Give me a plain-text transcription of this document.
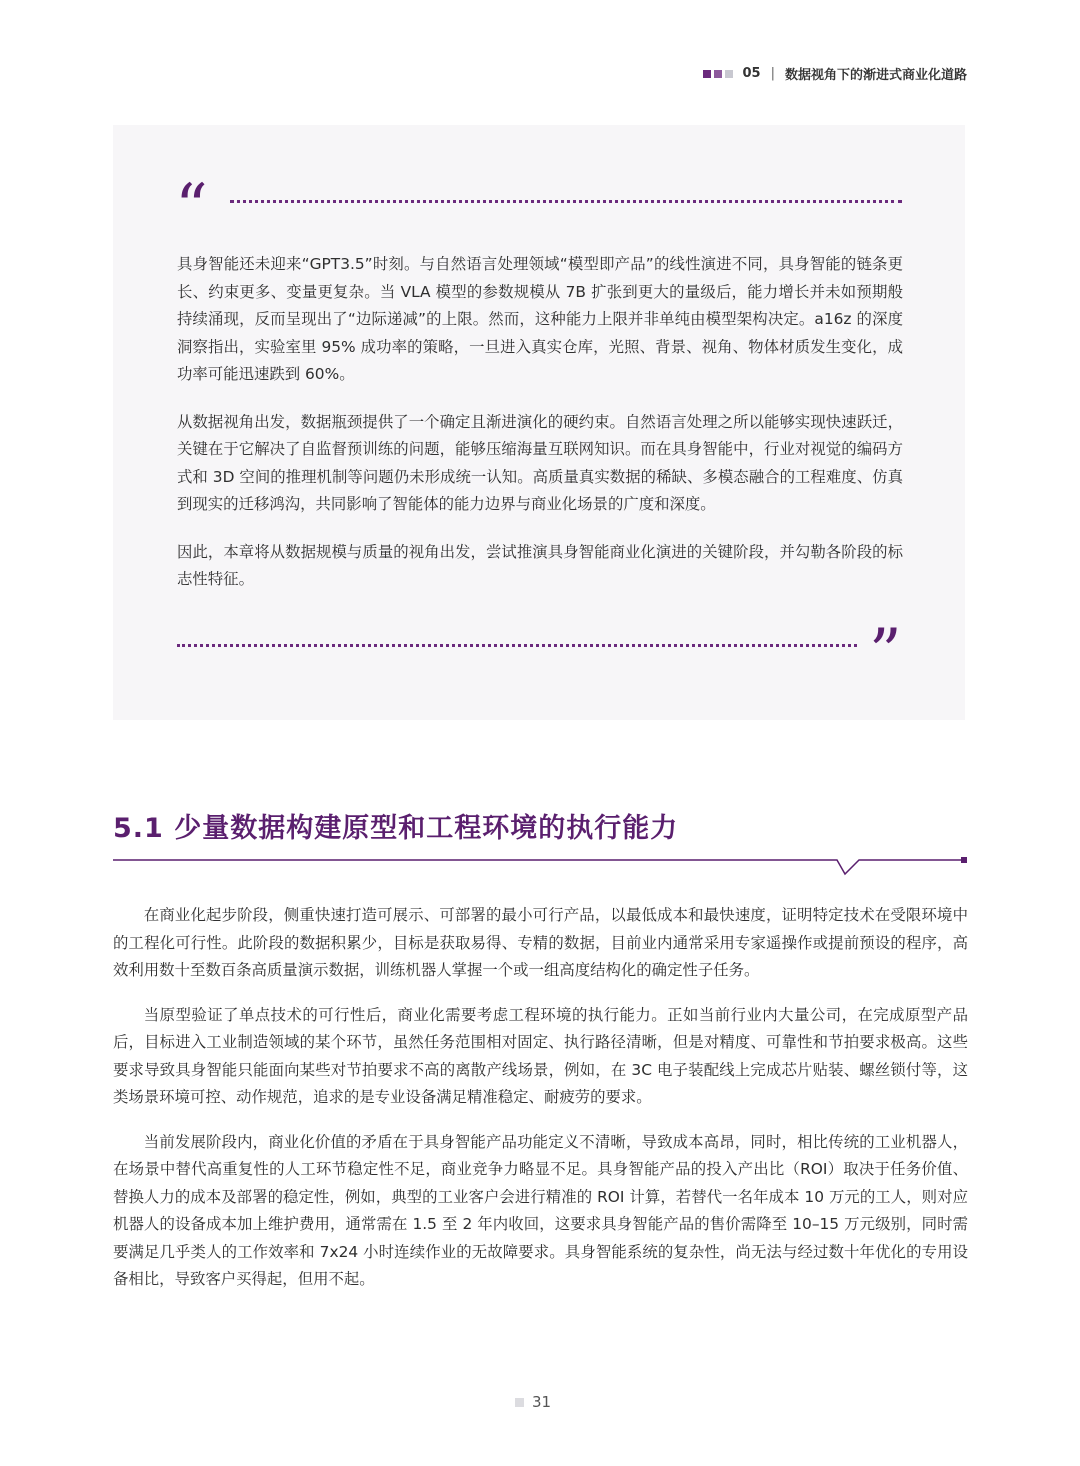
05 | 数据视角下的渐进式商业化道路
“

具身智能还未迎来“GPT3.5”时刻。与自然语言处理领域“模型即产品”的线性演进不同，具身智能的链条更长、约束更多、变量更复杂。当 VLA 模型的参数规模从 7B 扩张到更大的量级后，能力增长并未如预期般持续涌现，反而呈现出了“边际递减”的上限。然而，这种能力上限并非单纯由模型架构决定。a16z 的深度洞察指出，实验室里 95% 成功率的策略，一旦进入真实仓库，光照、背景、视角、物体材质发生变化，成功率可能迅速跌到 60%。

从数据视角出发，数据瓶颈提供了一个确定且渐进演化的硬约束。自然语言处理之所以能够实现快速跃迁，关键在于它解决了自监督预训练的问题，能够压缩海量互联网知识。而在具身智能中，行业对视觉的编码方式和 3D 空间的推理机制等问题仍未形成统一认知。高质量真实数据的稀缺、多模态融合的工程难度、仿真到现实的迁移鸿沟，共同影响了智能体的能力边界与商业化场景的广度和深度。

因此，本章将从数据规模与质量的视角出发，尝试推演具身智能商业化演进的关键阶段，并勾勒各阶段的标志性特征。

”
5.1 少量数据构建原型和工程环境的执行能力

在商业化起步阶段，侧重快速打造可展示、可部署的最小可行产品，以最低成本和最快速度，证明特定技术在受限环境中的工程化可行性。此阶段的数据积累少，目标是获取易得、专精的数据，目前业内通常采用专家遥操作或提前预设的程序，高效利用数十至数百条高质量演示数据，训练机器人掌握一个或一组高度结构化的确定性子任务。

当原型验证了单点技术的可行性后，商业化需要考虑工程环境的执行能力。正如当前行业内大量公司，在完成原型产品后，目标进入工业制造领域的某个环节，虽然任务范围相对固定、执行路径清晰，但是对精度、可靠性和节拍要求极高。这些要求导致具身智能只能面向某些对节拍要求不高的离散产线场景，例如，在 3C 电子装配线上完成芯片贴装、螺丝锁付等，这类场景环境可控、动作规范，追求的是专业设备满足精准稳定、耐疲劳的要求。

当前发展阶段内，商业化价值的矛盾在于具身智能产品功能定义不清晰，导致成本高昂，同时，相比传统的工业机器人，在场景中替代高重复性的人工环节稳定性不足，商业竞争力略显不足。具身智能产品的投入产出比（ROI）取决于任务价值、替换人力的成本及部署的稳定性，例如，典型的工业客户会进行精准的 ROI 计算，若替代一名年成本 10 万元的工人，则对应机器人的设备成本加上维护费用，通常需在 1.5 至 2 年内收回，这要求具身智能产品的售价需降至 10–15 万元级别，同时需要满足几乎类人的工作效率和 7x24 小时连续作业的无故障要求。具身智能系统的复杂性，尚无法与经过数十年优化的专用设备相比，导致客户买得起，但用不起。

31
